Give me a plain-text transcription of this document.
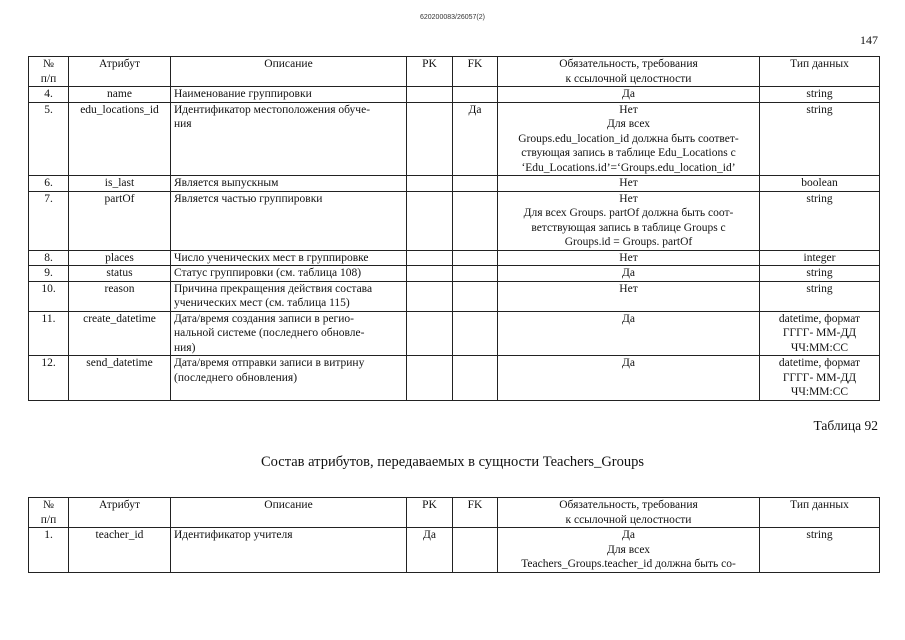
620200083/26057(2)
147
№
п/п	Атрибут	Описание	PK	FK	Обязательность, требования
к ссылочной целостности	Тип данных
4.	name	Наименование группировки			Да	string
5.	edu_locations_id	Идентификатор местоположения обуче-
ния		Да	Нет
Для всех
Groups.edu_location_id должна быть соответ-
ствующая запись в таблице Edu_Locations с
‘Edu_Locations.id’=‘Groups.edu_location_id’	string
6.	is_last	Является выпускным			Нет	boolean
7.	partOf	Является частью группировки			Нет
Для всех Groups. partOf должна быть соот-
ветствующая запись в таблице Groups с
Groups.id = Groups. partOf	string
8.	places	Число ученических мест в группировке			Нет	integer
9.	status	Статус группировки (см. таблица 108)			Да	string
10.	reason	Причина прекращения действия состава
ученических мест (см. таблица 115)			Нет	string
11.	create_datetime	Дата/время создания записи в регио-
нальной системе (последнего обновле-
ния)			Да	datetime, формат
ГГГГ- ММ-ДД
ЧЧ:ММ:СС
12.	send_datetime	Дата/время отправки записи в витрину
(последнего обновления)			Да	datetime, формат
ГГГГ- ММ-ДД
ЧЧ:ММ:СС
Таблица 92
Состав атрибутов, передаваемых в сущности Teachers_Groups
№
п/п	Атрибут	Описание	PK	FK	Обязательность, требования
к ссылочной целостности	Тип данных
1.	teacher_id	Идентификатор учителя	Да		Да
Для всех
Teachers_Groups.teacher_id должна быть со-	string
